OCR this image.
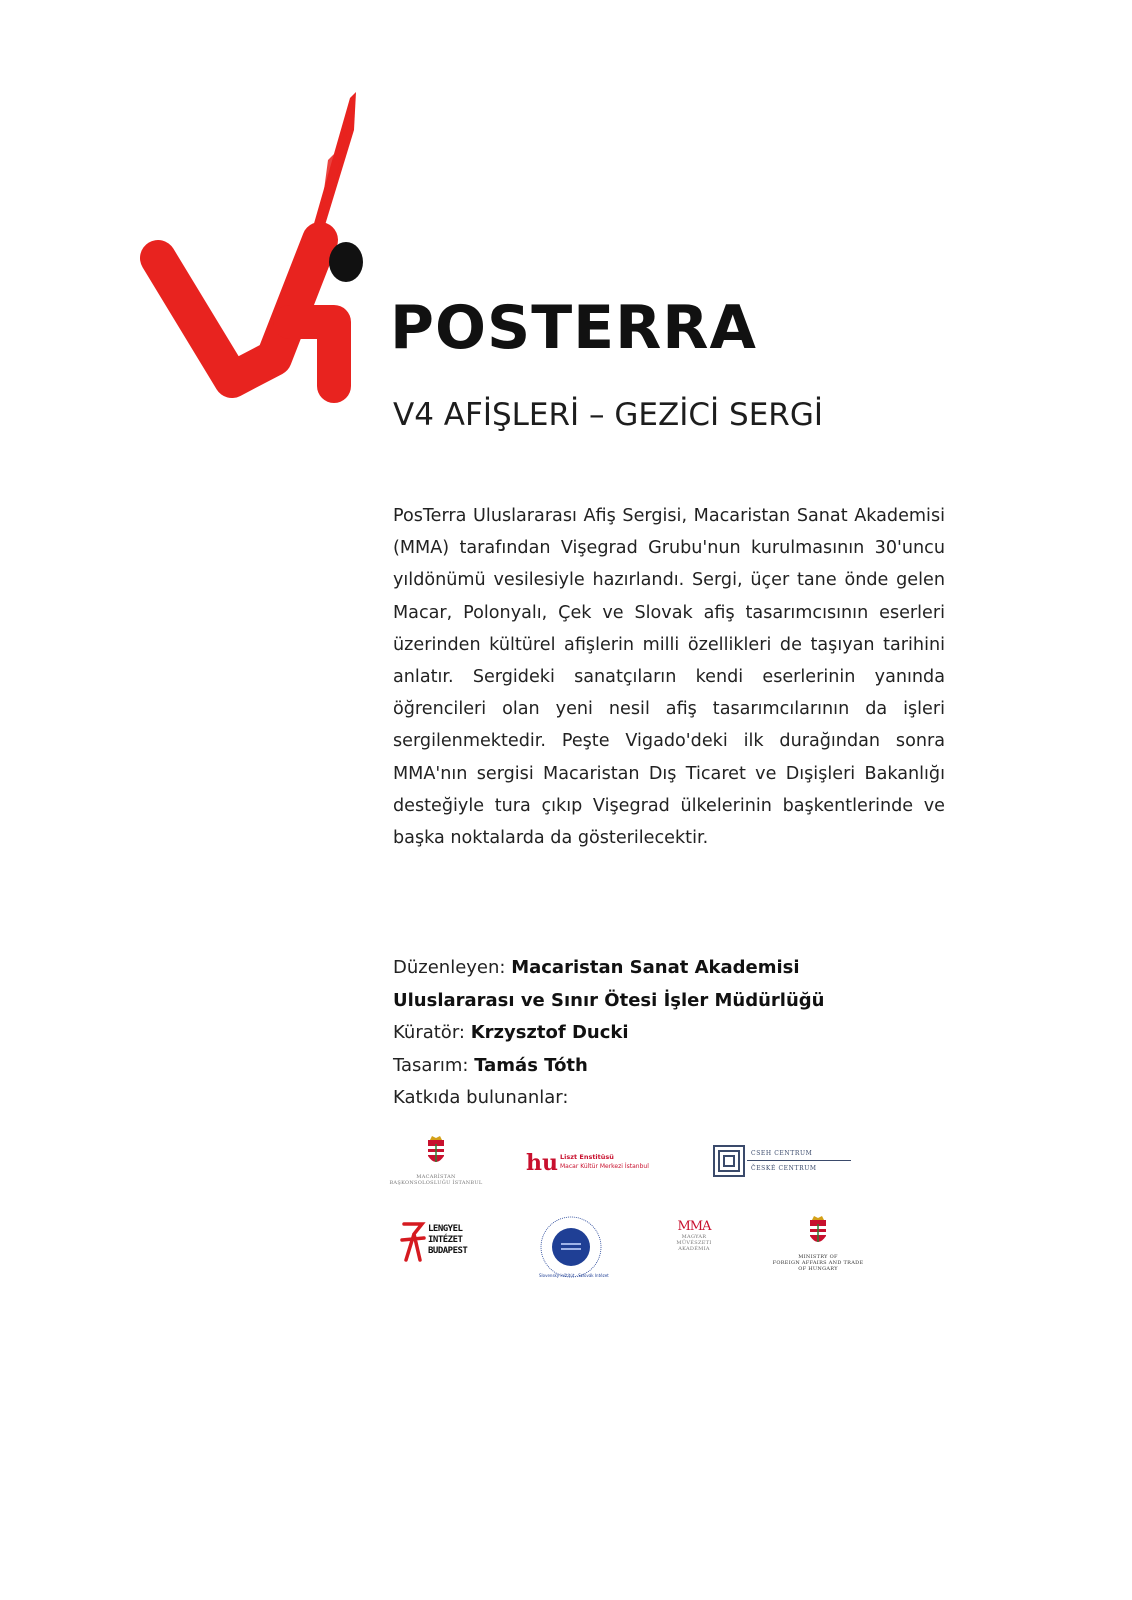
POSTERRA
V4 AFİŞLERİ – GEZİCİ SERGİ

PosTerra Uluslararası Afiş Sergisi, Macaristan Sanat Akademisi (MMA) tarafından Vişegrad Grubu'nun kurulmasının 30'uncu yıldönümü vesilesiyle hazırlandı. Sergi, üçer tane önde gelen Macar, Polonyalı, Çek ve Slovak afiş tasarımcısının eserleri üzerinden kültürel afişlerin milli özellikleri de taşıyan tarihini anlatır. Sergideki sanatçıların kendi eserlerinin yanında öğrencileri olan yeni nesil afiş tasarımcılarının da işleri sergilenmektedir. Peşte Vigado'deki ilk durağından sonra MMA'nın sergisi Macaristan Dış Ticaret ve Dışişleri Bakanlığı desteğiyle tura çıkıp Vişegrad ülkelerinin başkentlerinde ve başka noktalarda da gösterilecektir.

Düzenleyen: Macaristan Sanat Akademisi
Uluslararası ve Sınır Ötesi İşler Müdürlüğü
Küratör: Krzysztof Ducki
Tasarım: Tamás Tóth
Katkıda bulunanlar:
MACARİSTAN BAŞKONSOLOSLUĞU İSTANBUL
hu Liszt Enstitüsü
Macar Kültür Merkezi İstanbul
CSEH CENTRUM
ČESKÉ CENTRUM
LENGYEL
INTÉZET
BUDAPEST
Slovenský inštitút · Szlovák Intézet
MMA
MAGYAR
MŰVÉSZETI
AKADÉMIA
MINISTRY OF
FOREIGN AFFAIRS AND TRADE
OF HUNGARY
